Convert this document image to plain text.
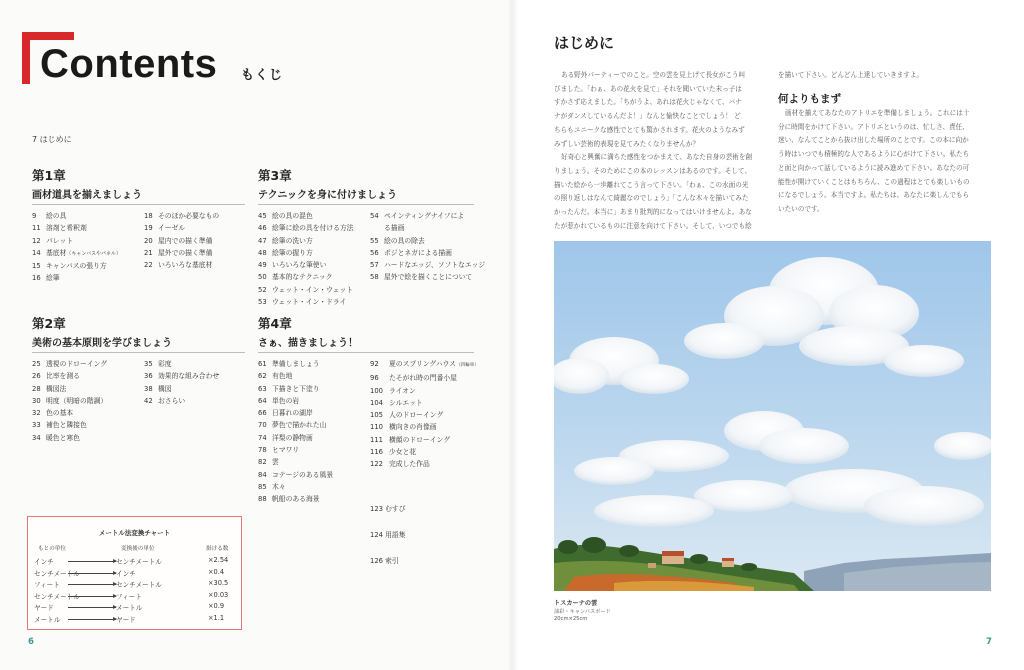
Contents もくじ
7 はじめに
第1章
画材道具を揃えましょう
9	絵の具
11 溶剤と希釈剤
12 パレット
14 基底材（キャンバスやパネル）
15 キャンバスの張り方
16 絵筆
18 そのほか必要なもの
19 イーゼル
20 屋内での描く準備
21 屋外での描く準備
22 いろいろな基底材
第2章
美術の基本原則を学びましょう
25 透視のドローイング
26 比率を測る
28 構図法
30 明度（明暗の階調）
32 色の基本
33 補色と隣接色
34 暖色と寒色
35 彩度
36 効果的な組み合わせ
38 構図
42 おさらい
第3章
テクニックを身に付けましょう
45 絵の具の混色
46 絵筆に絵の具を付ける方法
47 絵筆の洗い方
48 絵筆の握り方
49 いろいろな筆使い
50 基本的なテクニック
52 ウェット・イン・ウェット
53 ウェット・イン・ドライ
54 ペインティングナイフによ
る描画
55 絵の具の除去
56 ポジとネガによる描画
57 ハードなエッジ、ソフトなエッジ
58 屋外で絵を描くことについて
第4章
さぁ、描きましょう！
61 準備しましょう
62 有色地
63 下描きと下塗り
64 単色の岩
66 日暮れの湖岸
70 夢色で描かれた山
74 洋梨の静物画
78 ヒマワリ
82 雲
84 コテージのある風景
85 木々
88 帆船のある海景
92	夏のスプリングハウス（四輪車）
96	たそがれ時の門番小屋
100 ライオン
104 シルエット
105 人のドローイング
110 横向きの肖像画
111 横顔のドローイング
116 少女と花
122 完成した作品
123 むすび
124 用語集
126 索引
メートル法変換チャート
もとの単位	変換後の単位	掛ける数
インチ	センチメートル	×2.54
センチメートル	インチ	×0.4
フィート	センチメートル	×30.5
センチメートル	フィート	×0.03
ヤード	メートル	×0.9
メートル	ヤード	×1.1
6
はじめに
ある野外パーティーでのこと。空の雲を見上げて長女がこう叫
びました。「わぁ、あの花火を見て」それを聞いていた末っ子は
すかさず応えました。「ちがうよ、あれは花火じゃなくて、バナ
ナがダンスしているんだよ！」なんと愉快なことでしょう！ ど
ちらもユニークな感性でとても驚かされます。花火のようなみず
みずしい芸術的表現を見てみたくなりませんか？
好奇心と興奮に満ちた感性をつかまえて、あなた自身の芸術を創
りましょう。そのためにこの本のレッスンはあるのです。そして、
描いた絵から一歩離れてこう言って下さい。「わぁ、この水面の光
の照り返しはなんて綺麗なのでしょう」「こんな木々を描いてみた
かったんだ。本当に」あまり批判的になってはいけませんよ。あな
たが惹かれているものに注意を向けて下さい。そして、いつでも絵
を描いて下さい。どんどん上達していきますよ。
何よりもまず
画材を揃えてあなたのアトリエを準備しましょう。これには十
分に時間をかけて下さい。アトリエというのは、忙しさ、責任、
迷い、なんてことから抜け出した場所のことです。この本に向か
う時はいつでも積極的な人であるように心がけて下さい。私たち
と面と向かって話しているように読み進めて下さい。あなたの可
能性が開けていくことはもちろん、この過程はとても楽しいもの
になるでしょう。本当ですよ。私たちは、あなたに楽しんでもら
いたいのです。
トスカーナの雲
油彩・キャンバスボード
20cm×25cm
7
